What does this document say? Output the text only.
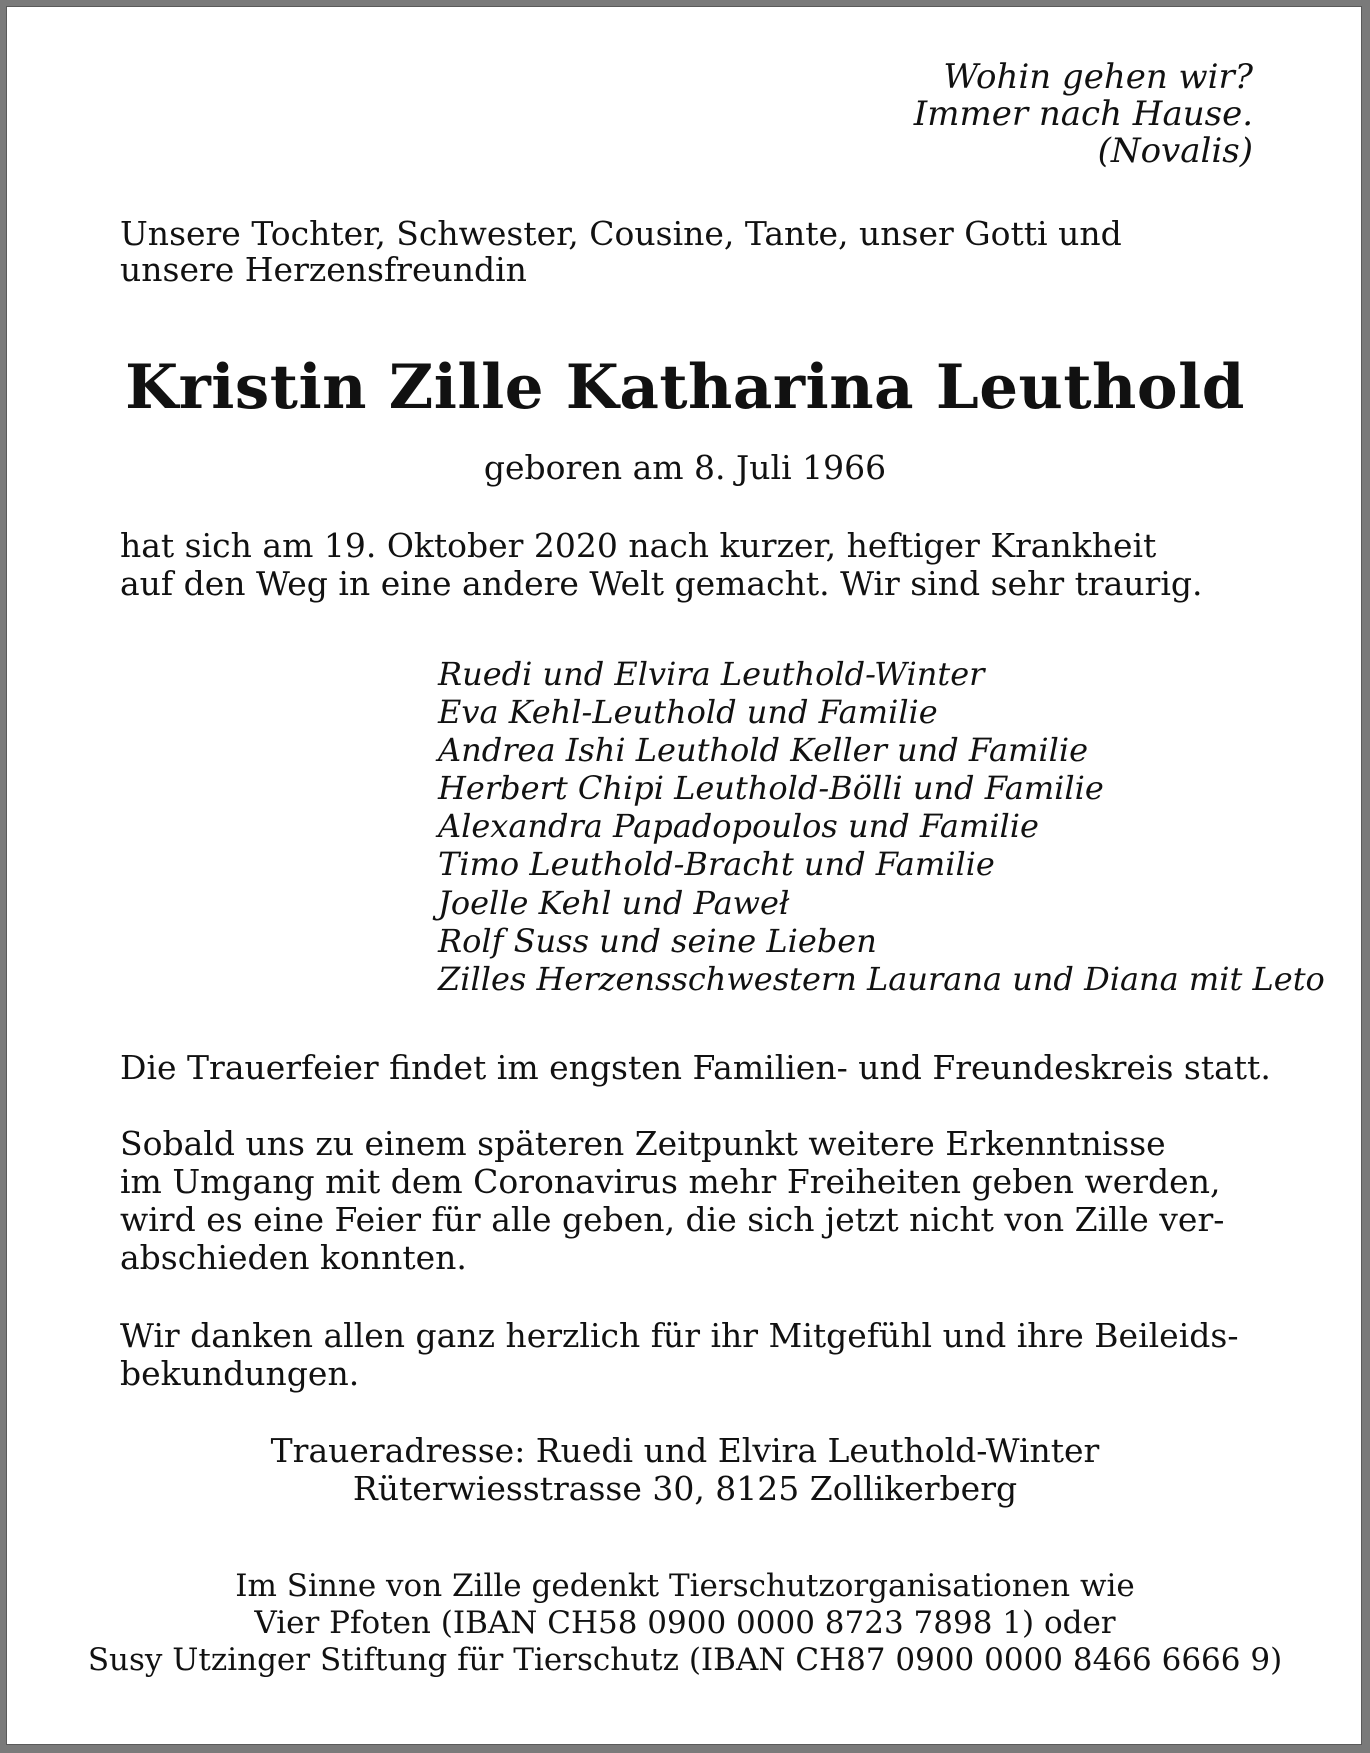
Wohin gehen wir?
Immer nach Hause.
(Novalis)
Unsere Tochter, Schwester, Cousine, Tante, unser Gotti und
unsere Herzensfreundin
Kristin Zille Katharina Leuthold
geboren am 8. Juli 1966
hat sich am 19. Oktober 2020 nach kurzer, heftiger Krankheit
auf den Weg in eine andere Welt gemacht. Wir sind sehr traurig.
Ruedi und Elvira Leuthold-Winter
Eva Kehl-Leuthold und Familie
Andrea Ishi Leuthold Keller und Familie
Herbert Chipi Leuthold-Bölli und Familie
Alexandra Papadopoulos und Familie
Timo Leuthold-Bracht und Familie
Joelle Kehl und Paweł
Rolf Suss und seine Lieben
Zilles Herzensschwestern Laurana und Diana mit Leto

Die Trauerfeier findet im engsten Familien- und Freundeskreis statt.

Sobald uns zu einem späteren Zeitpunkt weitere Erkenntnisse
im Umgang mit dem Coronavirus mehr Freiheiten geben werden,
wird es eine Feier für alle geben, die sich jetzt nicht von Zille ver-
abschieden konnten.
Wir danken allen ganz herzlich für ihr Mitgefühl und ihre Beileids-
bekundungen.
Traueradresse: Ruedi und Elvira Leuthold-Winter
Rüterwiesstrasse 30, 8125 Zollikerberg
Im Sinne von Zille gedenkt Tierschutzorganisationen wie
Vier Pfoten (IBAN CH58 0900 0000 8723 7898 1) oder
Susy Utzinger Stiftung für Tierschutz (IBAN CH87 0900 0000 8466 6666 9)
